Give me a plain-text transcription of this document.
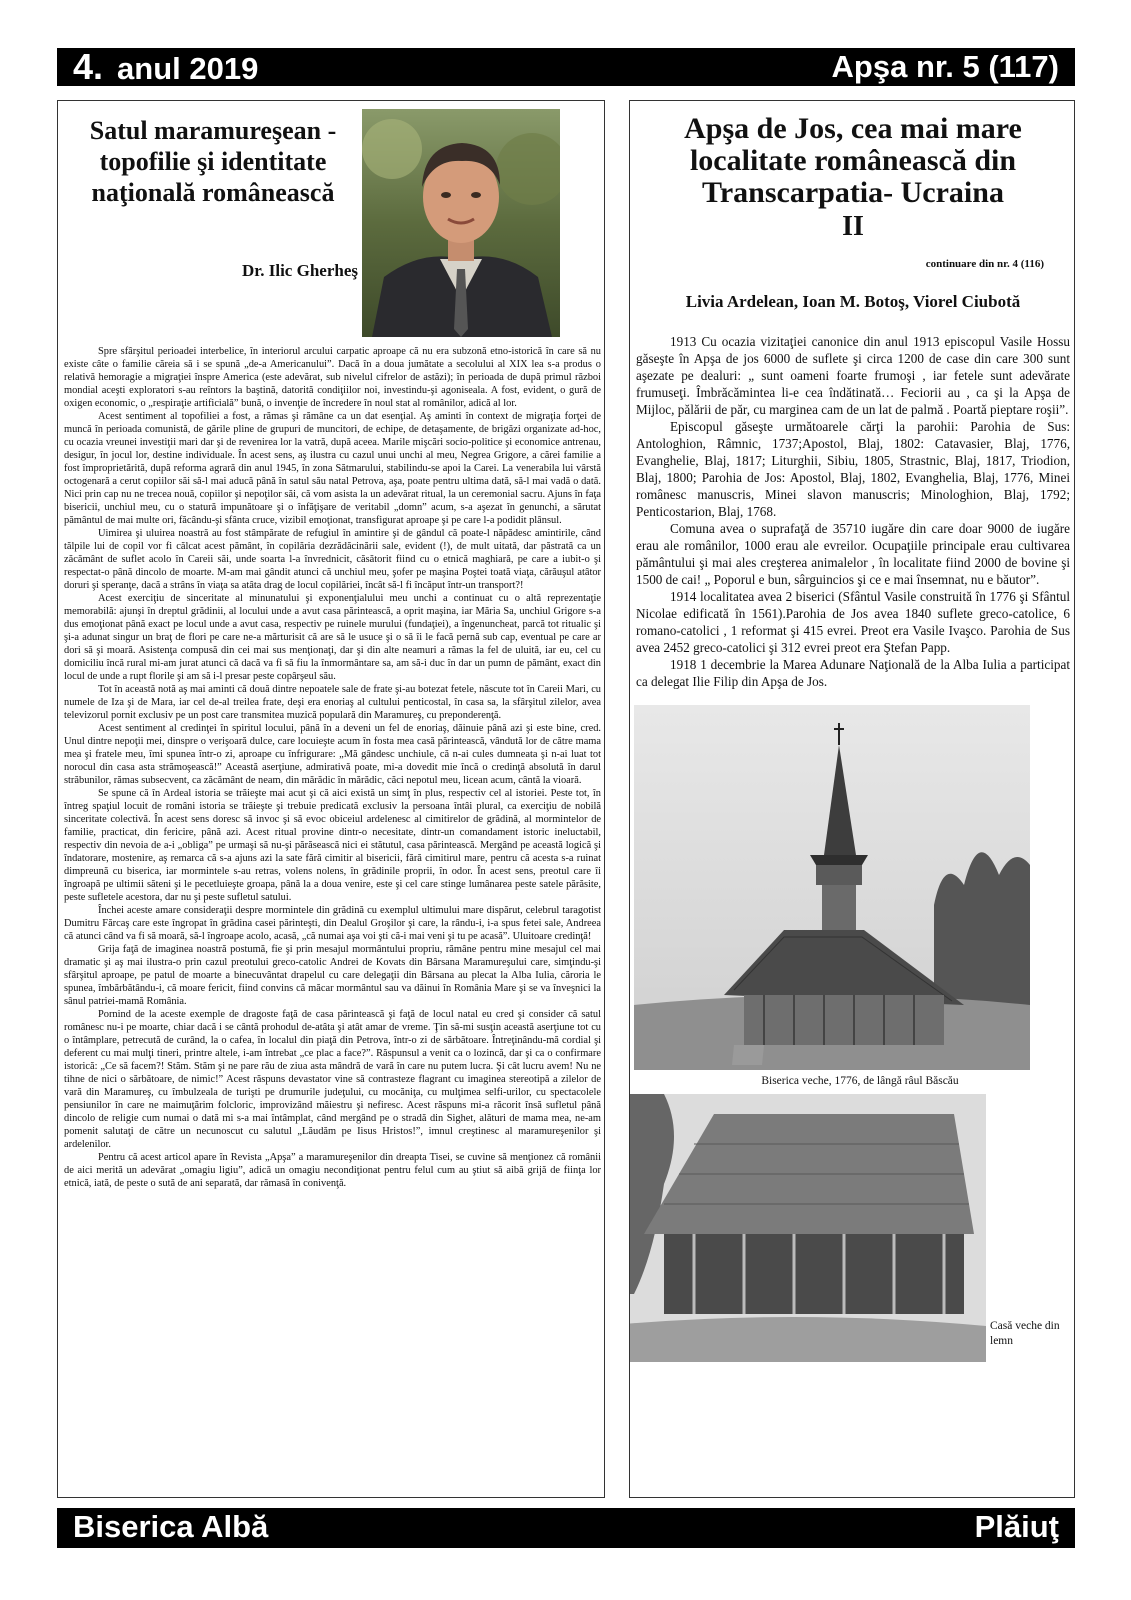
4. anul 2019	Apşa nr. 5 (117)
Satul maramureşean - topofilie şi identitate naţională românească

Dr. Ilic Gherheş

Spre sfârşitul perioadei interbelice, în interiorul arcului carpatic aproape că nu era subzonă etno-istorică în care să nu existe câte o familie căreia să i se spună „de-a Americanului”. Dacă în a doua jumătate a secolului al XIX lea s-a produs o relativă hemoragie a migraţiei înspre America (este adevărat, sub nivelul cifrelor de astăzi); în perioada de după primul război mondial aceşti exploratori s-au reîntors la baştină, datorită condiţiilor noi, investindu-şi agoniseala. A fost, evident, o gură de oxigen economic, o „respiraţie artificială” bună, o invenţie de încredere în noul stat al românilor, adică al lor.

Acest sentiment al topofiliei a fost, a rămas şi rămâne ca un dat esenţial. Aş aminti în context de migraţia forţei de muncă în perioada comunistă, de gările pline de grupuri de muncitori, de echipe, de detaşamente, de brigăzi organizate ad-hoc, cu ocazia vreunei investiţii mari dar şi de revenirea lor la vatră, după aceea. Marile mişcări socio-politice şi economice antrenau, desigur, în jocul lor, destine individuale. În acest sens, aş ilustra cu cazul unui unchi al meu, Negrea Grigore, a cărei familie a fost împroprietărită, după reforma agrară din anul 1945, în zona Sătmarului, stabilindu-se apoi la Carei. La venerabila lui vârstă octogenară a cerut copiilor săi să-l mai aducă până în satul său natal Petrova, aşa, poate pentru ultima dată, să-l mai vadă o dată. Nici prin cap nu ne trecea nouă, copiilor şi nepoţilor săi, că vom asista la un adevărat ritual, la un ceremonial sacru. Ajuns în faţa bisericii, unchiul meu, cu o statură impunătoare şi o înfăţişare de veritabil „domn” acum, s-a aşezat în genunchi, a sărutat pământul de mai multe ori, făcându-şi sfânta cruce, vizibil emoţionat, transfigurat aproape şi pe care l-a podidit plânsul.

Uimirea şi uluirea noastră au fost stâmpărate de refugiul în amintire şi de gândul că poate-l năpădesc amintirile, când tălpile lui de copil vor fi călcat acest pământ, în copilăria dezrădăcinării sale, evident (!), de mult uitată, dar păstrată ca un zăcământ de suflet acolo în Careii săi, unde soarta l-a învrednicit, căsătorit fiind cu o etnică maghiară, pe care a iubit-o şi respectat-o până dincolo de moarte. M-am mai gândit atunci că unchiul meu, şofer pe maşina Poştei toată viaţa, cărăuşul atâtor doruri şi speranţe, dacă a strâns în viaţa sa atâta drag de locul copilăriei, încât să-l fi încăput într-un transport?!

Acest exerciţiu de sinceritate al minunatului şi exponenţialului meu unchi a continuat cu o altă reprezentaţie memorabilă: ajunşi în dreptul grădinii, al locului unde a avut casa părintească, a oprit maşina, iar Măria Sa, unchiul Grigore s-a dus emoţionat până exact pe locul unde a avut casa, respectiv pe ruinele murului (fundaţiei), a îngenuncheat, parcă tot ritualic şi şi-a adunat singur un braţ de flori pe care ne-a mărturisit că are să le usuce şi o să îi le facă pernă sub cap, eventual pe care ar dori să şi moară. Asistenţa compusă din cei mai sus menţionaţi, dar şi din alte neamuri a rămas la fel de uluită, iar eu, cel cu domiciliu încă rural mi-am jurat atunci că dacă va fi să fiu la înmormântare sa, am să-i duc în dar un pumn de pământ, exact din locul de unde a rupt florile şi am să i-l presar peste copârşeul său.

Tot în această notă aş mai aminti că două dintre nepoatele sale de frate şi-au botezat fetele, născute tot în Careii Mari, cu numele de Iza şi de Mara, iar cel de-al treilea frate, deşi era enoriaş al cultului penticostal, în casa sa, la sfârşitul zilelor, avea televizorul pornit exclusiv pe un post care transmitea muzică populară din Maramureş, cu preponderenţă.

Acest sentiment al credinţei în spiritul locului, până în a deveni un fel de enoriaş, dăinuie până azi şi este bine, cred. Unul dintre nepoţii mei, dinspre o verişoară dulce, care locuieşte acum în fosta mea casă părintească, vândută lor de către mama mea şi fratele meu, îmi spunea într-o zi, aproape cu înfrigurare: „Mă gândesc unchiule, că n-ai cules dumneata şi n-ai luat tot norocul din casa asta strămoşească!” Această aserţiune, admirativă poate, mi-a dovedit mie încă o credinţă absolută în darul străbunilor, rămas subsecvent, ca zăcământ de neam, din mărădic în mărădic, căci nepotul meu, licean acum, cântă la vioară.

Se spune că în Ardeal istoria se trăieşte mai acut şi că aici există un simţ în plus, respectiv cel al istoriei. Peste tot, în întreg spaţiul locuit de români istoria se trăieşte şi trebuie predicată exclusiv la persoana întâi plural, ca exerciţiu de nobilă sinceritate colectivă. În acest sens doresc să invoc şi să evoc obiceiul ardelenesc al cimitirelor de grădină, al mormintelor de familie, practicat, din fericire, până azi. Acest ritual provine dintr-o necesitate, dintr-un comandament istoric ineluctabil, respectiv din nevoia de a-i „obliga” pe urmaşi să nu-şi părăsească nici ei stătutul, casa părintească. Mergând pe această logică şi îndatorare, mostenire, aş remarca că s-a ajuns azi la sate fără cimitir al bisericii, fără cimitirul mare, pentru că acesta s-a ruinat dimpreună cu biserica, iar mormintele s-au retras, volens nolens, în grădinile proprii, în odor. În acest sens, preotul care îi îngroapă pe ultimii săteni şi le pecetluieşte groapa, până la a doua venire, este şi cel care stinge lumânarea peste satele părăsite, peste sufletele acestora, dar nu şi peste sufletul satului.

Închei aceste amare consideraţii despre mormintele din grădină cu exemplul ultimului mare dispărut, celebrul taragotist Dumitru Fărcaş care este îngropat în grădina casei părinteşti, din Dealul Groşilor şi care, la rându-i, i-a spus fetei sale, Andreea că atunci când va fi să moară, să-l îngroape acolo, acasă, „că numai aşa voi şti că-i mai veni şi tu pe acasă”. Uluitoare credinţă!

Grija faţă de imaginea noastră postumă, fie şi prin mesajul mormântului propriu, rămâne pentru mine mesajul cel mai dramatic şi aş mai ilustra-o prin cazul preotului greco-catolic Andrei de Kovats din Bârsana Maramureşului care, simţindu-şi sfârşitul aproape, pe patul de moarte a binecuvântat drapelul cu care delegaţii din Bârsana au plecat la Alba Iulia, căroria le spunea, îmbărbătându-i, că moare fericit, fiind convins că măcar mormântul sau va dăinui în România Mare şi se va înveşnici la sânul patriei-mamă România.

Pornind de la aceste exemple de dragoste faţă de casa părintească şi faţă de locul natal eu cred şi consider că satul românesc nu-i pe moarte, chiar dacă i se cântă prohodul de-atâta şi atât amar de vreme. Ţin să-mi susţin această aserţiune tot cu o întâmplare, petrecută de curând, la o cafea, în localul din piaţă din Petrova, într-o zi de sărbătoare. Întreţinându-mă cordial şi deferent cu mai mulţi tineri, printre altele, i-am întrebat „ce plac a face?”. Răspunsul a venit ca o lozincă, dar şi ca o confirmare istorică: „Ce să facem?! Stăm. Stăm şi ne pare rău de ziua asta mândră de vară în care nu putem lucra. Şi cât lucru avem! Nu ne tihne de nici o sărbătoare, de nimic!” Acest răspuns devastator vine să contrasteze flagrant cu imaginea stereotipă a zilelor de vară din Maramureş, cu îmbulzeala de turişti pe drumurile judeţului, cu mocăniţa, cu mulţimea selfi-urilor, cu spectacolele pensiunilor în care ne maimuţărim folcloric, improvizând măiestru şi nefiresc. Acest răspuns mi-a răcorit însă sufletul până dincolo de religie cum numai o dată mi s-a mai întâmplat, când mergând pe o stradă din Sighet, alături de mama mea, ne-am pomenit salutaţi de către un necunoscut cu salutul „Lăudăm pe Iisus Hristos!”, imnul creştinesc al maramureşenilor şi ardelenilor.

Pentru că acest articol apare în Revista „Apşa” a maramureşenilor din dreapta Tisei, se cuvine să menţionez că românii de aici merită un adevărat „omagiu ligiu”, adică un omagiu necondiţionat pentru felul cum au ştiut să aibă grijă de fiinţa lor etnică, iată, de peste o sută de ani separată, dar rămasă în conivenţă.

Apşa de Jos, cea mai mare localitate românească din Transcarpatia- Ucraina
II

continuare din nr. 4 (116)

Livia Ardelean, Ioan M. Botoş, Viorel Ciubotă

1913 Cu ocazia vizitaţiei canonice din anul 1913 episcopul Vasile Hossu găseşte în Apşa de jos 6000 de suflete şi circa 1200 de case din care 300 sunt aşezate pe dealuri: „ sunt oameni foarte frumoşi , iar fetele sunt adevărate frumuseţi. Îmbrăcămintea li-e cea îndătinată… Feciorii au , ca şi la Apşa de Mijloc, pălării de păr, cu marginea cam de un lat de palmă . Poartă pieptare roşii”.

Episcopul găseşte următoarele cărţi la parohii: Parohia de Sus: Antologhion, Râmnic, 1737;Apostol, Blaj, 1802: Catavasier, Blaj, 1776, Evanghelie, Blaj, 1817; Liturghii, Sibiu, 1805, Strastnic, Blaj, 1817, Triodion, Blaj, 1800; Parohia de Jos: Apostol, Blaj, 1802, Evanghelia, Blaj, 1776, Minei românesc manuscris, Minei slavon manuscris; Minologhion, Blaj, 1792; Penticostarion, Blaj, 1768.

Comuna avea o suprafaţă de 35710 iugăre din care doar 9000 de iugăre erau ale românilor, 1000 erau ale evreilor. Ocupaţiile principale erau cultivarea pământului şi mai ales creşterea animalelor , în localitate fiind 2000 de bovine şi 1500 de cai! „ Poporul e bun, sârguincios şi ce e mai însemnat, nu e băutor”.

1914 localitatea avea 2 biserici (Sfântul Vasile construită în 1776 şi Sfântul Nicolae edificată în 1561).Parohia de Jos avea 1840 suflete greco-catolice, 6 romano-catolici , 1 reformat şi 415 evrei. Preot era Vasile Ivaşco. Parohia de Sus avea 2452 greco-catolici şi 312 evrei preot era Ştefan Papp.

1918 1 decembrie la Marea Adunare Naţională de la Alba Iulia a participat ca delegat Ilie Filip din Apşa de Jos.

Biserica veche, 1776, de lângă râul Băscău

Casă veche din lemn

Biserica Albă	Plăiuţ
